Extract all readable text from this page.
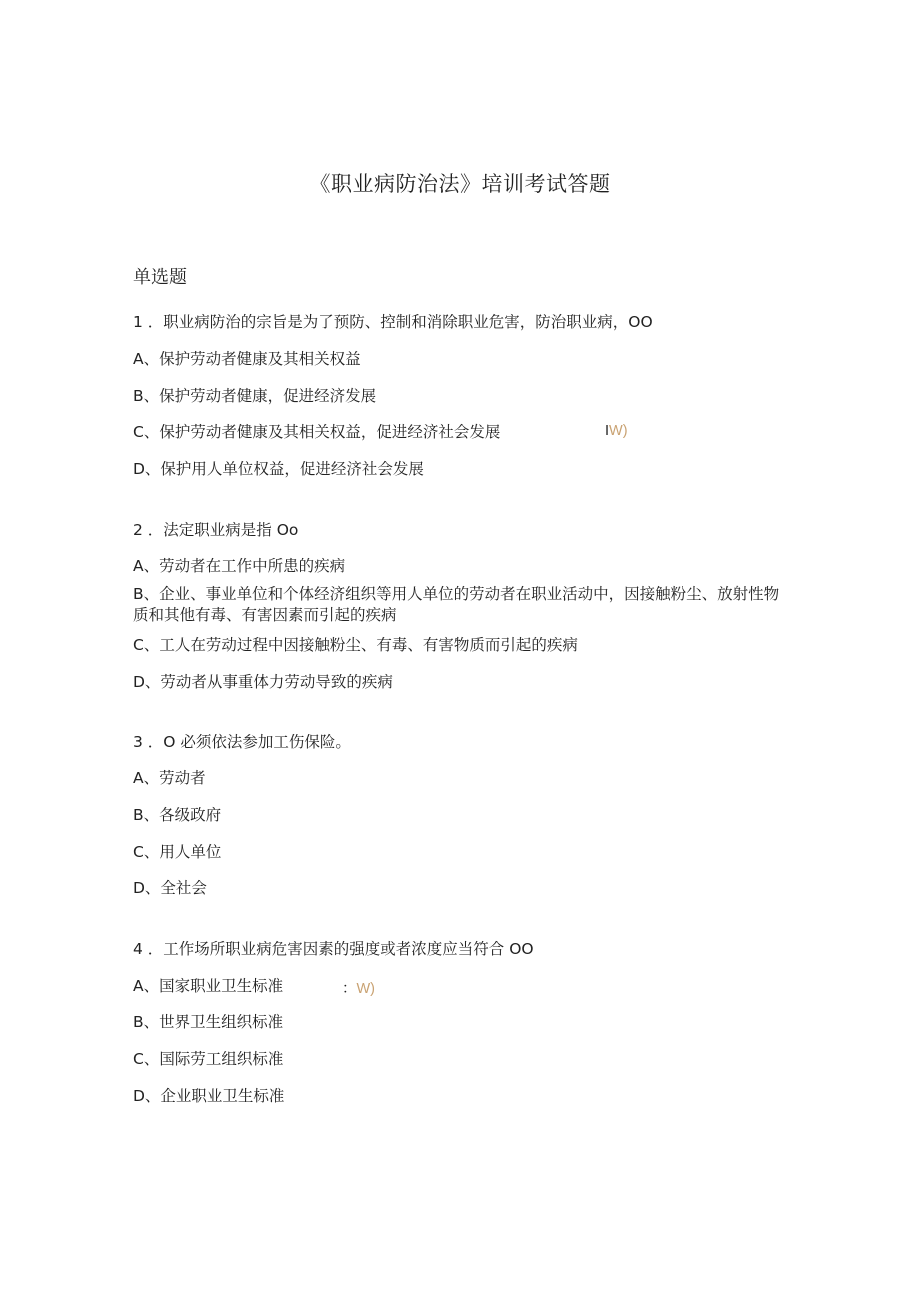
《职业病防治法》培训考试答题
单选题
1 ．职业病防治的宗旨是为了预防、控制和消除职业危害，防治职业病，OO
A、保护劳动者健康及其相关权益
B、保护劳动者健康，促进经济发展
C、保护劳动者健康及其相关权益，促进经济社会发展	IW)
D、保护用人单位权益，促进经济社会发展
2 ．法定职业病是指 Oo
A、劳动者在工作中所患的疾病
B、企业、事业单位和个体经济组织等用人单位的劳动者在职业活动中，因接触粉尘、放射性物质和其他有毒、有害因素而引起的疾病
C、工人在劳动过程中因接触粉尘、有毒、有害物质而引起的疾病
D、劳动者从事重体力劳动导致的疾病
3 ．O 必须依法参加工伤保险。
A、劳动者
B、各级政府
C、用人单位
D、全社会
4 ．工作场所职业病危害因素的强度或者浓度应当符合 OO
A、国家职业卫生标准	：W)
B、世界卫生组织标准
C、国际劳工组织标准
D、企业职业卫生标准
